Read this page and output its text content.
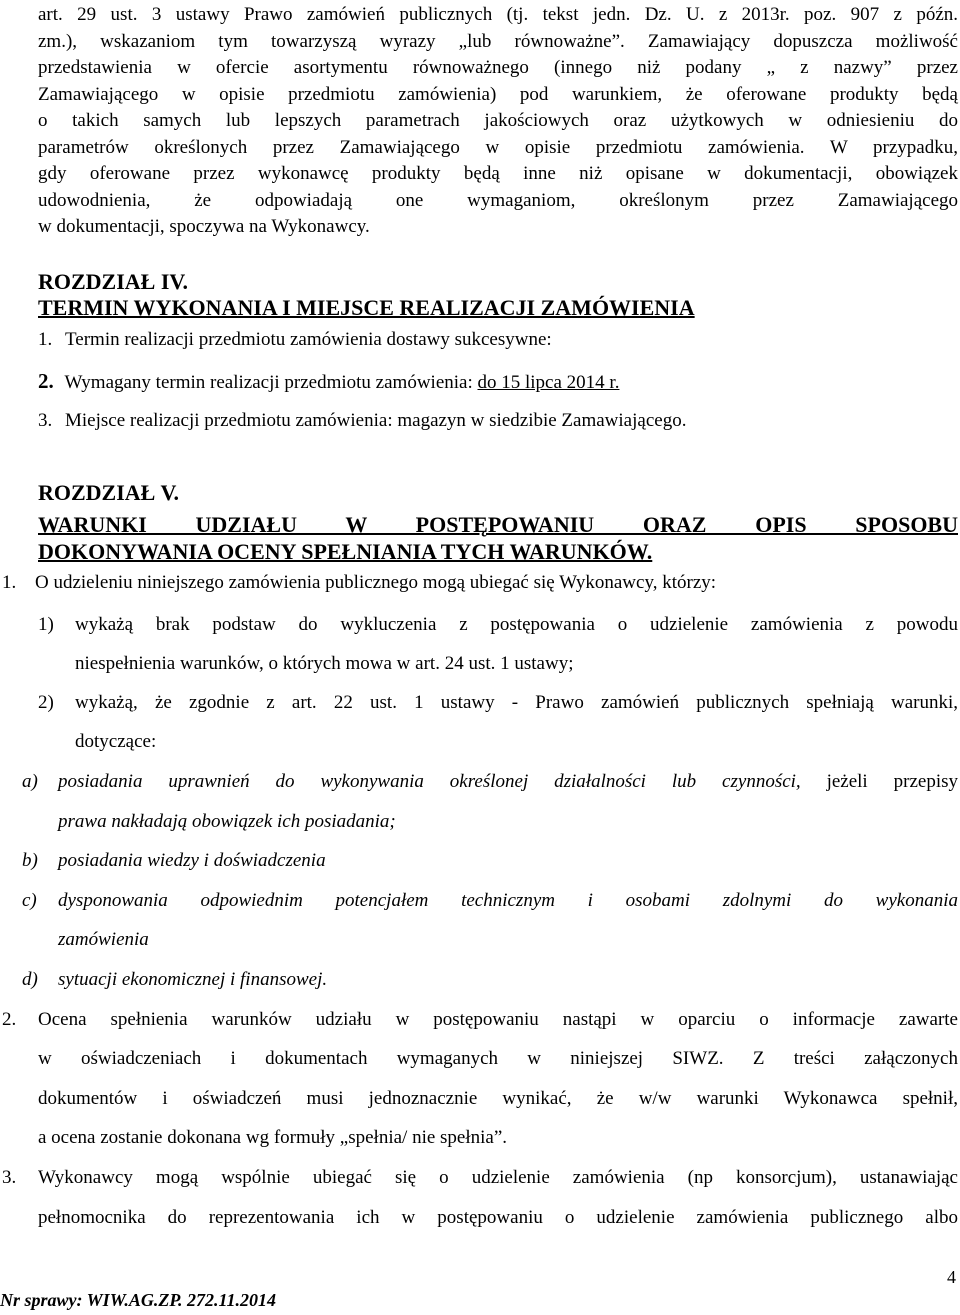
art. 29 ust. 3 ustawy Prawo zamówień publicznych (tj. tekst jedn. Dz. U. z 2013r. poz. 907 z późn.
zm.), wskazaniom tym towarzyszą wyrazy „lub równoważne”. Zamawiający dopuszcza możliwość
przedstawienia w ofercie asortymentu równoważnego (innego niż podany „ z nazwy” przez
Zamawiającego w opisie przedmiotu zamówienia) pod warunkiem, że oferowane produkty będą
o takich samych lub lepszych parametrach jakościowych oraz użytkowych w odniesieniu do
parametrów określonych przez Zamawiającego w opisie przedmiotu zamówienia. W przypadku,
gdy oferowane przez wykonawcę produkty będą inne niż opisane w dokumentacji, obowiązek
udowodnienia, że odpowiadają one wymaganiom, określonym przez Zamawiającego
w dokumentacji, spoczywa na Wykonawcy.
ROZDZIAŁ IV.
TERMIN WYKONANIA I MIEJSCE REALIZACJI ZAMÓWIENIA
1. Termin realizacji przedmiotu zamówienia dostawy sukcesywne:
2. Wymagany termin realizacji przedmiotu zamówienia: do 15 lipca 2014 r.
3. Miejsce realizacji przedmiotu zamówienia: magazyn w siedzibie Zamawiającego.
ROZDZIAŁ V.
WARUNKI UDZIAŁU W POSTĘPOWANIU ORAZ OPIS SPOSOBU
DOKONYWANIA OCENY SPEŁNIANIA TYCH WARUNKÓW.
1. O udzieleniu niniejszego zamówienia publicznego mogą ubiegać się Wykonawcy, którzy:
1) wykażą brak podstaw do wykluczenia z postępowania o udzielenie zamówienia z powodu
niespełnienia warunków, o których mowa w art. 24 ust. 1 ustawy;
2) wykażą, że zgodnie z art. 22 ust. 1 ustawy - Prawo zamówień publicznych spełniają warunki,
dotyczące:
a) posiadania uprawnień do wykonywania określonej działalności lub czynności, jeżeli przepisy
prawa nakładają obowiązek ich posiadania;
b) posiadania wiedzy i doświadczenia
c) dysponowania odpowiednim potencjałem technicznym i osobami zdolnymi do wykonania
zamówienia
d) sytuacji ekonomicznej i finansowej.
2. Ocena spełnienia warunków udziału w postępowaniu nastąpi w oparciu o informacje zawarte
w oświadczeniach i dokumentach wymaganych w niniejszej SIWZ. Z treści załączonych
dokumentów i oświadczeń musi jednoznacznie wynikać, że w/w warunki Wykonawca spełnił,
a ocena zostanie dokonana wg formuły „spełnia/ nie spełnia”.
3. Wykonawcy mogą wspólnie ubiegać się o udzielenie zamówienia (np konsorcjum), ustanawiając
pełnomocnika do reprezentowania ich w postępowaniu o udzielenie zamówienia publicznego albo
4
Nr sprawy: WIW.AG.ZP. 272.11.2014
